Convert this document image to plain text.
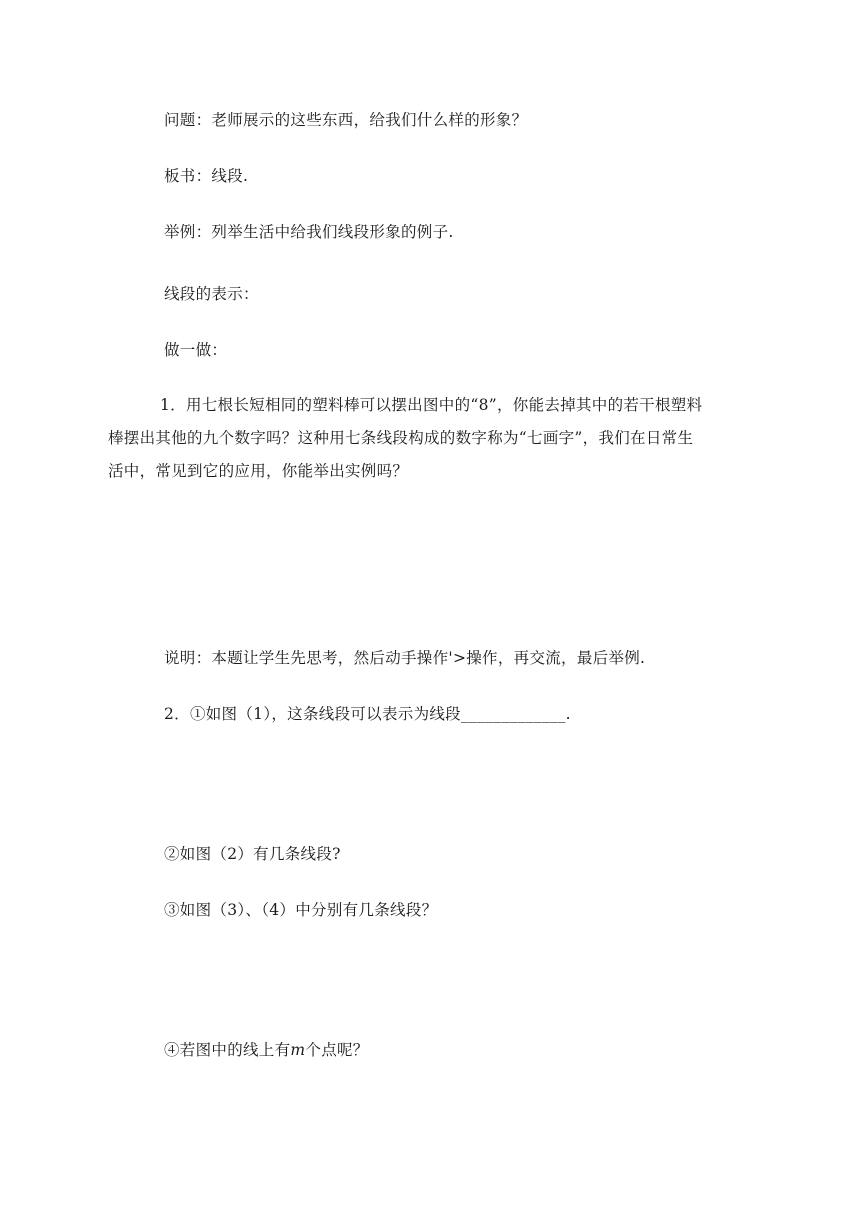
问题：老师展示的这些东西，给我们什么样的形象？
板书：线段.
举例：列举生活中给我们线段形象的例子.
线段的表示：
做一做：
1．用七根长短相同的塑料棒可以摆出图中的“8”，你能去掉其中的若干根塑料棒摆出其他的九个数字吗？这种用七条线段构成的数字称为“七画字”，我们在日常生活中，常见到它的应用，你能举出实例吗？
说明：本题让学生先思考，然后动手操作'>操作，再交流，最后举例.
2．①如图（1），这条线段可以表示为线段_____________.
②如图（2）有几条线段?
③如图（3）、（4）中分别有几条线段？
④若图中的线上有m个点呢？
